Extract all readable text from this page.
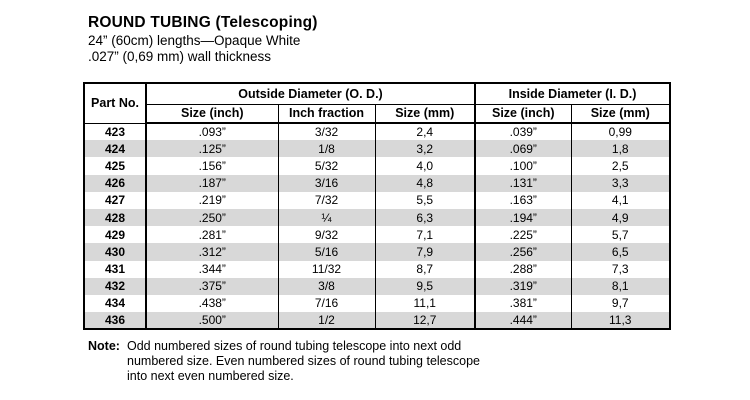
ROUND TUBING (Telescoping)
24” (60cm) lengths—Opaque White
.027” (0,69 mm) wall thickness
Part No.	Outside Diameter (O. D.)			Inside Diameter (I. D.)	
	Size (inch)	Inch fraction	Size (mm)	Size (inch)	Size (mm)
423	.093”	3/32	2,4	.039”	0,99
424	.125”	1/8	3,2	.069”	1,8
425	.156”	5/32	4,0	.100”	2,5
426	.187”	3/16	4,8	.131”	3,3
427	.219”	7/32	5,5	.163”	4,1
428	.250”	¼	6,3	.194”	4,9
429	.281”	9/32	7,1	.225”	5,7
430	.312”	5/16	7,9	.256”	6,5
431	.344”	11/32	8,7	.288”	7,3
432	.375”	3/8	9,5	.319”	8,1
434	.438”	7/16	11,1	.381”	9,7
436	.500”	1/2	12,7	.444”	11,3
Note: Odd numbered sizes of round tubing telescope into next odd
numbered size. Even numbered sizes of round tubing telescope
into next even numbered size.
